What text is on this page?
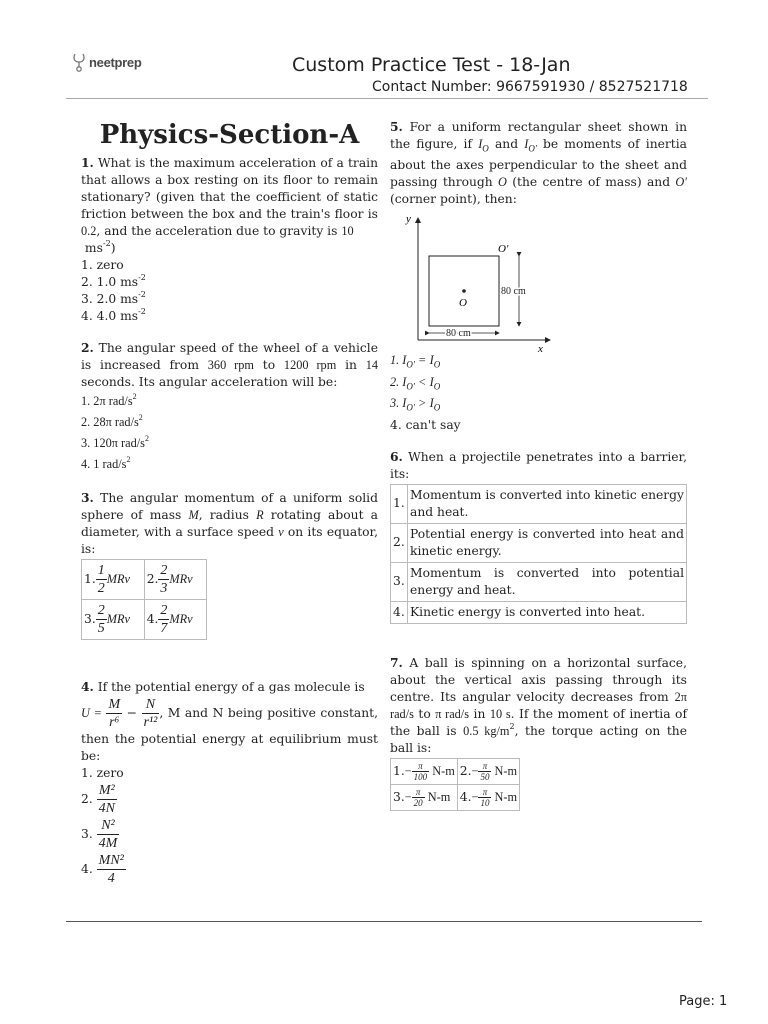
neetprep	Custom Practice Test - 18-Jan
Contact Number: 9667591930 / 8527521718
Physics-Section-A
1. What is the maximum acceleration of a train that allows a box resting on its floor to remain stationary? (given that the coefficient of static friction between the box and the train's floor is 0.2, and the acceleration due to gravity is 10
$ms^{-2}$)
1. zero
2. 1.0 $ms^{-2}$
3. 2.0 $ms^{-2}$
4. 4.0 $ms^{-2}$
2. The angular speed of the wheel of a vehicle is increased from 360 rpm to 1200 rpm in 14 seconds. Its angular acceleration will be:
1. 2π rad/$s^2$
2. 28π rad/$s^2$
3. 120π rad/$s^2$
4. 1 rad/$s^2$
3. The angular momentum of a uniform solid sphere of mass M, radius R rotating about a diameter, with a surface speed v on its equator, is:
1. $\frac{1}{2}$ MRv	2. $\frac{2}{3}$ MRv
3. $\frac{2}{5}$ MRv	4. $\frac{2}{7}$ MRv
4. If the potential energy of a gas molecule is
$U = \frac{M}{\text{r⁶}} - \frac{N}{\text{r¹²}}$ , M and N being positive constant, then the potential energy at equilibrium must be:
1. zero
2. $\frac{\text{M²}}{4N}$
3. $\frac{\text{N²}}{4M}$
4. $\frac{\text{MN²}}{4}$
5. For a uniform rectangular sheet shown in the figure, if $I_O$ and $I_{O'}$ be moments of inertia about the axes perpendicular to the sheet and passing through O (the centre of mass) and O′ (corner point), then:
y
x
O
O′
80 cm
80 cm
1. $I_{O'} = I_O$
2. $I_{O'} < I_O$
3. $I_{O'} > I_O$
4. can't say
6. When a projectile penetrates into a barrier, its:
1.	Momentum is converted into kinetic energy and heat.
2.	Potential energy is converted into heat and kinetic energy.
3.	Momentum is converted into potential energy and heat.
4.	Kinetic energy is converted into heat.
7. A ball is spinning on a horizontal surface, about the vertical axis passing through its centre. Its angular velocity decreases from 2π rad/s to π rad/s in 10 s. If the moment of inertia of the ball is 0.5 $kg/m^2$, the torque acting on the ball is:
$1.- \frac{\pi}{100} N-m$	$2.- \frac{\pi}{50} N-m$
$3.- \frac{\pi}{20} N-m$	$4.- \frac{\pi}{10} N-m$
Page: 1
